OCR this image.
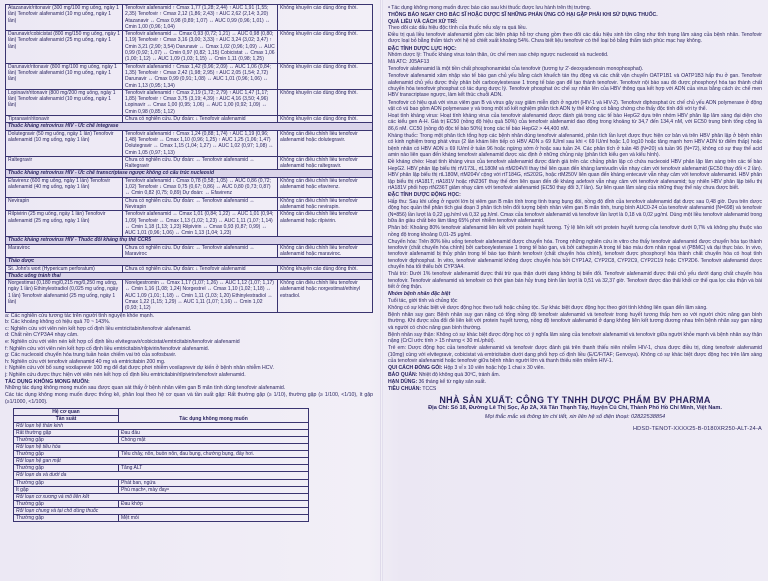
Atazanavir/ritonavir (300 mg/100 mg uống, ngày 1 lần) Tenofovir alafenamid (10 mg uống, ngày 1 lần)	Tenofovir alafenamid ↑ Cmax 1,77 (1,28; 2,44) ↑ AUC 1,91 (1,55; 2,35) Tenofovir ↑ Cmax 2,12 (1,86; 2,43) ↑ AUC 2,62 (2,14; 3,20) Atazanavir ↔ Cmax 0,98 (0,89; 1,07) ↔ AUC 0,99 (0,96; 1,01) ↔ Cmin 1,00 (0,96; 1,04)	Không khuyến cáo dùng đồng thời.
Darunavir/cobicistat (800 mg/150 mg uống, ngày 1 lần) Tenofovir alafenamid (25 mg uống, ngày 1 lần)	Tenofovir alafenamid ↔ Cmax 0,93 (0,72; 1,21) ↔ AUC 0,98 (0,80; 1,19) Tenofovir ↑ Cmax 3,16 (3,00; 3,33) ↑ AUC 3,24 (3,02; 3,47) ↑ Cmin 3,21 (2,90; 3,54) Darunavir ↔ Cmax 1,02 (0,96; 1,09) ↔ AUC 0,99 (0,92; 1,07) ↔ Cmin 0,97 (0,82; 1,15) Cobicistat ↔ Cmax 1,06 (1,00; 1,12) ↔ AUC 1,09 (1,03; 1,15) ↔ Cmin 1,11 (0,98; 1,25)	Không khuyến cáo dùng đồng thời.
Darunavir/ritonavir (800 mg/100 mg uống, ngày 1 lần) Tenofovir alafenamid (10 mg uống, ngày 1 lần)	Tenofovir alafenamid ↑ Cmax 1,42 (0,96; 2,09) ↔ AUC 1,06 (0,84; 1,35) Tenofovir ↑ Cmax 2,42 (1,98; 2,95) ↑ AUC 2,05 (1,54; 2,72) Darunavir ↔ Cmax 0,99 (0,91; 1,08) ↔ AUC 1,01 (0,96; 1,06) ↔ Cmin 1,13 (0,95; 1,34)	Không khuyến cáo dùng đồng thời.
Lopinavir/ritonavir (800 mg/200 mg uống, ngày 1 lần) Tenofovir alafenamid (10 mg uống, ngày 1 lần)	Tenofovir alafenamid ↑ Cmax 2,19 (1,72; 2,79) ↑ AUC 1,47 (1,17; 1,85) Tenofovir ↑ Cmax 3,75 (3,19; 4,39) ↑ AUC 4,16 (3,50; 4,96) Lopinavir ↔ Cmax 1,00 (0,95; 1,06) ↔ AUC 1,00 (0,92; 1,09) ↔ Cmin 0,98 (0,85; 1,12)	Không khuyến cáo dùng đồng thời.
Tipranavir/ritonavir	Chưa có nghiên cứu. Dự đoán: ↓ Tenofovir alafenamid	Không khuyến cáo dùng đồng thời.
Thuốc kháng retrovirus HIV - Ức chế integrase		
Dolutegravir (50 mg uống, ngày 1 lần) Tenofovir alafenamid (10 mg uống, ngày 1 lần)	Tenofovir alafenamid ↑ Cmax 1,24 (0,88; 1,74) ↑ AUC 1,19 (0,96; 1,48) Tenofovir ↔ Cmax 1,10 (0,96; 1,25) ↑ AUC 1,25 (1,06; 1,47) Dolutegravir ↔ Cmax 1,15 (1,04; 1,27) ↔ AUC 1,02 (0,97; 1,08) ↔ Cmin 1,05 (0,97; 1,13)	Không cần điều chỉnh liều tenofovir alafenamid hoặc dolutegravir.
Raltegravir	Chưa có nghiên cứu. Dự đoán: ↔ Tenofovir alafenamid ↔ Raltegravir	Không cần điều chỉnh liều tenofovir alafenamid hoặc raltegravir.
Thuốc kháng retrovirus HIV - Ức chế transcriptase ngược không có cấu trúc nucleosid		
Efavirenz (600 mg uống, ngày 1 lần) Tenofovir alafenamid (40 mg uống, ngày 1 lần)	Tenofovir alafenamid ↓ Cmax 0,78 (0,58; 1,05) ↔ AUC 0,86 (0,72; 1,02) Tenofovir ↓ Cmax 0,75 (0,67; 0,86) ↔ AUC 0,80 (0,73; 0,87) ↔ Cmin 0,82 (0,75; 0,89) Dự đoán: ↔ Efavirenz	Không cần điều chỉnh liều tenofovir alafenamid hoặc efavirenz.
Nevirapin	Chưa có nghiên cứu. Dự đoán: ↔ Tenofovir alafenamid ↔ Nevirapin	Không cần điều chỉnh liều tenofovir alafenamid hoặc nevirapin.
Rilpivirin (25 mg uống, ngày 1 lần) Tenofovir alafenamid (25 mg uống, ngày 1 lần)	Tenofovir alafenamid ↔ Cmax 1,01 (0,84; 1,22) ↔ AUC 1,01 (0,94; 1,09) Tenofovir ↔ Cmax 1,13 (1,02; 1,23) ↔ AUC 1,11 (1,07; 1,14) ↔ Cmin 1,18 (1,13; 1,23) Rilpivirin ↔ Cmax 0,93 (0,87; 0,99) ↔ AUC 1,01 (0,96; 1,06) ↔ Cmin 1,13 (1,04; 1,23)	Không cần điều chỉnh liều tenofovir alafenamid hoặc rilpivirin.
Thuốc kháng retrovirus HIV - Thuốc đối kháng thụ thể CCR5		
Maraviroc	Chưa có nghiên cứu. Dự đoán: ↔ Tenofovir alafenamid ↔ Maraviroc	Không cần điều chỉnh liều tenofovir alafenamid hoặc maraviroc.
Thảo dược		
St. John's wort (Hypericum perforatum)	Chưa có nghiên cứu. Dự đoán: ↓ Tenofovir alafenamid	Không khuyến cáo dùng đồng thời.
Thuốc uống tránh thai		
Norgestimat (0,180 mg/0,215 mg/0,250 mg uống, ngày 1 lần) Ethinylestradiol (0,025 mg uống, ngày 1 lần) Tenofovir alafenamid (25 mg uống, ngày 1 lần)	Norelgestromin ↔ Cmax 1,17 (1,07; 1,26) ↔ AUC 1,12 (1,07; 1,17) ↔ Cmin 1,16 (1,08; 1,24) Norgestrel ↔ Cmax 1,10 (1,02; 1,18) ↔ AUC 1,09 (1,01; 1,18) ↔ Cmin 1,11 (1,03; 1,20) Ethinylestradiol ↔ Cmax 1,22 (1,15; 1,29) ↔ AUC 1,11 (1,07; 1,16) ↔ Cmin 1,02 (0,93; 1,12)	Không cần điều chỉnh liều tenofovir alafenamid hoặc norgestimat/ethinyl estradiol.
a: Các nghiên cứu tương tác trên người tình nguyện khỏe mạnh.
b: Các khoảng không có hiệu quả 70 ~ 143%.
c: Nghiên cứu với viên nén kết hợp cố định liều emtricitabin/tenofovir alafenamid.
d: Chất nền CYP3A4 nhạy cảm.
e: Nghiên cứu với viên nén kết hợp cố định liều elvitegravir/cobicistat/emtricitabin/tenofovir alafenamid
f: Nghiên cứu với viên nén kết hợp cố định liều emtricitabin/rilpivirin/tenofovir alafenamid.
g: Các nucleosid chuyển hóa trung tuần hoàn chiếm vai trò của sofosbuvir.
h: Nghiên cứu với tenofovir alafenamid 40 mg và emtricitabin 200 mg.
i: Nghiên cứu với bổ sung voxilaprevir 100 mg để đạt được phơi nhiễm voxilaprevir dự kiến ở bệnh nhân nhiễm HCV.
j: Nghiên cứu được thực hiện với viên nén kết hợp cố định liều emtricitabin/rilpivirin/tenofovir alafenamid.
TÁC DỤNG KHÔNG MONG MUỐN:

Những tác dụng không mong muốn sau được quan sát thấy ở bệnh nhân viêm gan B mãn tính dùng tenofovir alafenamid.

Các tác dụng không mong muốn được thống kê, phân loại theo hệ cơ quan và tần suất gặp: Rất thường gặp (≥ 1/10), thường gặp (≥ 1/100, <1/10), ít gặp (≥1/1000, <1/100).

Hệ cơ quan	Tác dụng không mong muốn
Tần suất	
Rối loạn hệ thần kinh	
Rất thường gặp	Đau đầu
Thường gặp	Chóng mặt
Rối loạn hệ tiêu hóa	
Thường gặp	Tiêu chảy, nôn, buồn nôn, đau bụng, chướng bụng, đầy hơi.
Rối loạn hệ gan mật	
Thường gặp	Tăng ALT
Rối loạn da và dưới da	
Thường gặp	Phát ban, ngứa
Ít gặp	Phù mạchᵃ, mày đayᵃ
Rối loạn cơ xương và mô liên kết	
Thường gặp	Đau khớp
Rối loạn chung và tại chỗ dùng thuốc	
Thường gặp	Mệt mỏi

ᵃ Tác dụng không mong muốn được báo cáo sau khi thuốc được lưu hành trên thị trường.

THÔNG BÁO NGAY CHO BÁC SĨ HOẶC DƯỢC SĨ NHỮNG PHẢN ỨNG CÓ HẠI GẶP PHẢI KHI SỬ DỤNG THUỐC.
QUÁ LIỀU VÀ CÁCH XỬ TRÍ:

Theo dõi các dấu hiệu độc tính của thuốc nếu xảy ra quá liều.

Điều trị quá liều tenofovir alafenamid gồm các biện pháp hỗ trợ chung gồm theo dõi các dấu hiệu sinh tồn cũng như tình trạng lâm sàng của bệnh nhân. Tenofovir được loại bỏ bằng thẩm tách với hệ số chiết xuất khoảng 54%. Chưa biết liệu tenofovir có thể loại bỏ bằng thẩm tách phúc mạc hay không.

ĐẶC TÍNH DƯỢC LỰC HỌC:

Nhóm dược lý: Thuốc kháng virus toàn thân, ức chế men sao chép ngược nucleosid và nucleotid.

Mã ATC: J05AF13

Tenofovir alafenamid là một tiền chất phosphonamidat của tenofovir (tương tự 2'-deoxyadenosin monophosphat).

Tenofovir alafenamid xâm nhập vào tế bào gan chủ yếu bằng cách khuếch tán thụ động và các chất vận chuyển OATP1B1 và OATP1B3 hấp thu ở gan. Tenofovir alafenamid chủ yếu được thủy phân bởi carboxylesterase 1 trong tế bào gan để tạo thành tenofovir. Tenofovir nội bào sau đó được phosphoryl hóa tạo thành chất chuyển hóa tenofovir phosphat có tác dụng dược lý. Tenofovir phosphat ức chế sự nhân lên của HBV thông qua kết hợp với ADN của virus bằng cách ức chế men HBV transcriptase ngược, làm kết thúc chuỗi ADN.

Tenofovir có hiệu quả với virus viêm gan B và virus gây suy giảm miễn dịch ở người (HIV-1 và HIV-2). Tenofovir diphosphat ức chế chủ yếu ADN polymerase ở động vật có vú bao gồm ADN polymerase γ và trong một số kết nghiệm phân tích ADN ty thể không có bằng chứng cho thấy độc tính đối với ty thể.

Hoạt tính kháng virus: Hoạt tính kháng virus của tenofovir alafenamid được đánh giá trong các tế bào HepG2 dựa trên nhóm HBV phân lập lâm sàng đại diện cho các kiểu gen A-H. Giá trị EC50 (nồng độ hiệu quả 50%) của tenofovir alafenamid dao động trong khoảng từ 34,7 đến 134,4 nM, với EC50 trung bình tổng cộng là 86,6 nM. CC50 (nồng độ độc tế bào 50%) trong các tế bào HepG2 > 44,400 nM.

Kháng thuốc: Trong một phân tích tổng hợp các bệnh nhân dùng tenofovir alafenamid, phân tích lần lượt được thực hiện cơ bản và trên HBV phân lập ở bệnh nhân có kinh nghiệm trong phát virus (2 lần khám liên tiếp có HBV ADN ≥ 69 IU/ml sau khi < 69 IU/ml hoặc 1,0 log10 hoặc tăng mạnh hơn HBV ADN từ điểm thấp) hoặc bệnh nhân có HBV ADN ≥ 69 IU/ml ở tuần 96 hoặc ngừng sớm ở hoặc sau tuần 24. Các phân tích ở tuần 48 (N=20) và tuần 96 (N=72), không có sự thay thế acid amin nào liên quan đến kháng tenofovir alafenamid được xác định ở những chủng này (phân tích kiểu gen và kiểu hình).

Đề kháng chéo: Hoạt tính kháng virus của tenofovir alafenamid được đánh giá trên các chủng phân lập có chứa nucleosid HBV phân lập lâm sàng trên các tế bào HepG2. HBV phân lập biểu thị rtV173L, rtL180M và rtM204V/I thay thế liên quan đến kháng lamivudin vẫn nhạy cảm với tenofovir alafenamid (EC50 thay đổi < 2 lần). HBV phân lập biểu thị rtL180M, rtM204V cộng với rtT184G, rtS202G, hoặc rtM250V liên quan đến kháng entecavir vẫn nhạy cảm với tenofovir alafenamid. HBV phân lập biểu thị rtA181T, rtA181V hoặc rtN236T thay thế đơn liên quan đến đề kháng adefovir vẫn nhạy cảm với tenofovir alafenamid; tuy nhiên HBV phân lập biểu thị rtA181V phối hợp rtN236T giảm nhạy cảm với tenofovir alafenamid (EC50 thay đổi 3,7 lần). Sự liên quan lâm sàng của những thay thế này chưa được biết.

ĐẶC TÍNH DƯỢC ĐỘNG HỌC:

Hấp thu: Sau khi uống ở người lớn bị viêm gan B mãn tính trong tình trạng bụng đói, nồng độ đỉnh của tenofovir alafenamid đạt được sau 0,48 giờ. Dựa trên dược động học quần thể phân tích giai đoạn 3 phân tích trên đối tượng bệnh nhân viêm gan B mãn tính, trung bình AUC0-24 của tenofovir alafenamid (N=698) và tenofovir (N=856) lần lượt là 0,22 μg.h/ml và 0,32 μg.h/ml. Cmax của tenofovir alafenamid và tenofovir lần lượt là 0,18 và 0,02 μg/ml. Dùng một liều tenofovir alafenamid trong bữa ăn giàu chất béo làm tăng 65% phơi nhiễm tenofovir alafenamid.

Phân bố: Khoảng 80% tenofovir alafenamid liên kết với protein huyết tương. Tỷ lệ liên kết với protein huyết tương của tenofovir dưới 0,7% và không phụ thuộc vào nồng độ trong khoảng 0,01-25 μg/ml.

Chuyển hóa: Trên 80% liều uống tenofovir alafenamid được chuyển hóa. Trong những nghiên cứu in vitro cho thấy tenofovir alafenamid được chuyển hóa tạo thành tenofovir (chất chuyển hóa chính) bởi carboxylesterase 1 trong tế bào gan, và bởi cathepsin A trong tế bào máu đơn nhân ngoại vi (PBMC) và đại thực bào. In vivo, tenofovir alafenamid bị thủy phân trong tế bào tạo thành tenofovir (chất chuyển hóa chính), tenofovir được phosphoryl hóa thành chất chuyển hóa có hoạt tính tenofovir diphosphat. In vitro, tenofovir alafenamid không được chuyển hóa bởi CYP1A2, CYP2C8, CYP2C9, CYP2C19 hoặc CYP2D6. Tenofovir alafenamid được chuyển hóa tối thiểu bởi CYP3A4.

Thải trừ: Dưới 1% tenofovir alafenamid được thải trừ qua thận dưới dạng không bị biến đổi. Tenofovir alafenamid được thải chủ yếu dưới dạng chất chuyển hóa tenofovir. Tenofovir alafenamid và tenofovir có thời gian bán hủy trung bình lần lượt là 0,51 và 32,37 giờ. Tenofovir được đào thải khỏi cơ thể qua lọc cầu thận và bài tiết ở ống thận.

Nhóm bệnh nhân đặc biệt

Tuổi tác, giới tính và chủng tộc

Không có sự khác biệt về dược động học theo tuổi hoặc chủng tộc. Sự khác biệt được động học theo giới tính không liên quan đến lâm sàng.

Bệnh nhân suy gan: Bệnh nhân suy gan nặng có tổng nồng độ tenofovir alafenamid và tenofovir trong huyết tương thấp hơn so với người chức năng gan bình thường. Khi được sửa đổi đề liên kết với protein huyết tương, nồng độ tenofovir alafenamid ở dạng không liên kết tương đương nhau trên bệnh nhân suy gan nặng và người có chức năng gan bình thường.

Bệnh nhân suy thận: Không có sự khác biệt được động học có ý nghĩa lâm sàng của tenofovir alafenamid và tenofovir giữa người khỏe mạnh và bệnh nhân suy thận nặng (CrCl ước tính > 15 nhưng < 30 ml./phút).

Trẻ em: Dược động học của tenofovir alafenamid và tenofovir được đánh giá trên thanh thiếu niên nhiễm HIV-1, chưa được điều trị, dùng tenofovir alafenamid (10mg) cùng với elvitegravir, cobicistat và emtricitabin dưới dạng phối hợp cố định liều (E/C/F/TAF; Genvoya). Không có sự khác biệt được động học trên lâm sàng của tenofovir alafenamid hoặc tenofovir giữa bệnh nhân người lớn và thanh thiếu niên nhiễm HIV-1.

QUI CÁCH ĐÓNG GÓI: Hộp 3 vỉ x 10 viên hoặc hộp 1 chai x 30 viên.

BẢO QUẢN: Nhiệt độ không quá 30ºC, tránh ẩm.

HẠN DÙNG: 36 tháng kể từ ngày sản xuất.

TIÊU CHUẨN: TCCS

NHÀ SẢN XUẤT: CÔNG TY TNHH DƯỢC PHẨM BV PHARMA
Địa Chỉ: Số 18, Đường Lê Thị Sọc, Ấp 2A, Xã Tân Thạnh Tây, Huyện Củ Chi, Thành Phố Hồ Chí Minh, Việt Nam.
Mọi thắc mắc và thông tin chi tiết, xin liên hệ số điện thoại: 02822538854
HDSD-TENOT-XXXX25-B-0180XR250-ALT-24-A
